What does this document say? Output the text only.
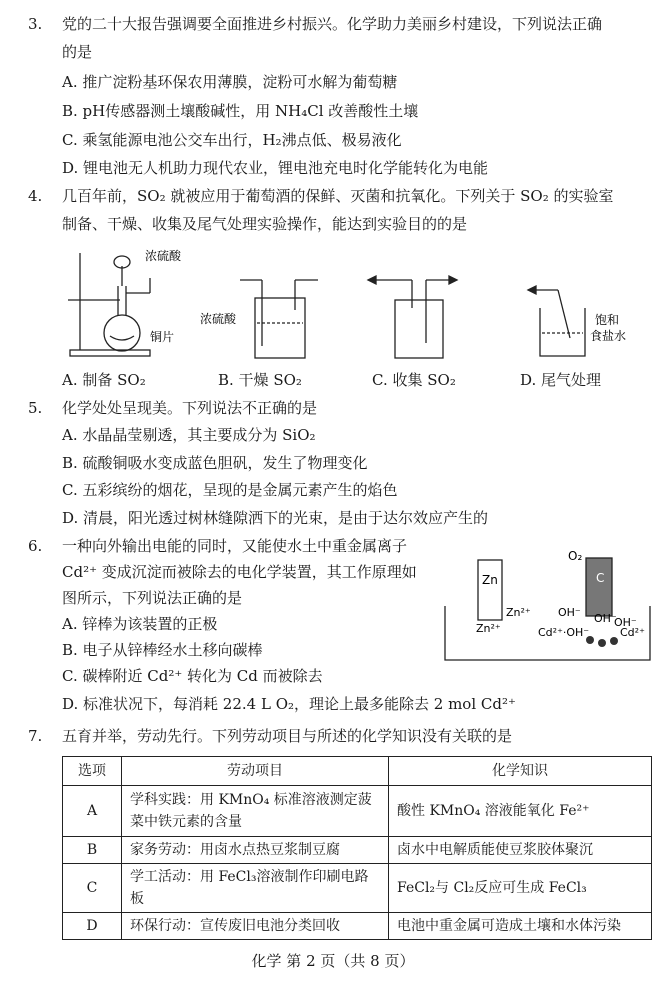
3. 党的二十大报告强调要全面推进乡村振兴。化学助力美丽乡村建设，下列说法正确
的是
A. 推广淀粉基环保农用薄膜，淀粉可水解为葡萄糖
B. pH传感器测土壤酸碱性，用 NH₄Cl 改善酸性土壤
C. 乘氢能源电池公交车出行，H₂沸点低、极易液化
D. 锂电池无人机助力现代农业，锂电池充电时化学能转化为电能
4. 几百年前，SO₂ 就被应用于葡萄酒的保鲜、灭菌和抗氧化。下列关于 SO₂ 的实验室
制备、干燥、收集及尾气处理实验操作，能达到实验目的的是
浓硫酸
铜片
浓硫酸	饱和
食盐水
A. 制备 SO₂	B. 干燥 SO₂	C. 收集 SO₂	D. 尾气处理
5. 化学处处呈现美。下列说法不正确的是
A. 水晶晶莹剔透，其主要成分为 SiO₂
B. 硫酸铜吸水变成蓝色胆矾，发生了物理变化
C. 五彩缤纷的烟花，呈现的是金属元素产生的焰色
D. 清晨，阳光透过树林缝隙洒下的光束，是由于达尔效应产生的
6. 一种向外输出电能的同时，又能使水土中重金属离子
Cd²⁺ 变成沉淀而被除去的电化学装置，其工作原理如
图所示，下列说法正确的是
A. 锌棒为该装置的正极
B. 电子从锌棒经水土移向碳棒
C. 碳棒附近 Cd²⁺ 转化为 Cd 而被除去
D. 标准状况下，每消耗 22.4 L O₂，理论上最多能除去 2 mol Cd²⁺
Zn
O₂
C
Zn²⁺
Zn²⁺
OH⁻ OH⁻
OH⁻
Cd²⁺·OH⁻	Cd²⁺
7. 五育并举，劳动先行。下列劳动项目与所述的化学知识没有关联的是
选项	劳动项目	化学知识
A	学科实践：用 KMnO₄ 标准溶液测定菠菜中铁元素的含量	酸性 KMnO₄ 溶液能氧化 Fe²⁺
B	家务劳动：用卤水点热豆浆制豆腐	卤水中电解质能使豆浆胶体聚沉
C	学工活动：用 FeCl₃溶液制作印刷电路板	FeCl₂与 Cl₂反应可生成 FeCl₃
D	环保行动：宣传废旧电池分类回收	电池中重金属可造成土壤和水体污染
化学 第 2 页（共 8 页）
